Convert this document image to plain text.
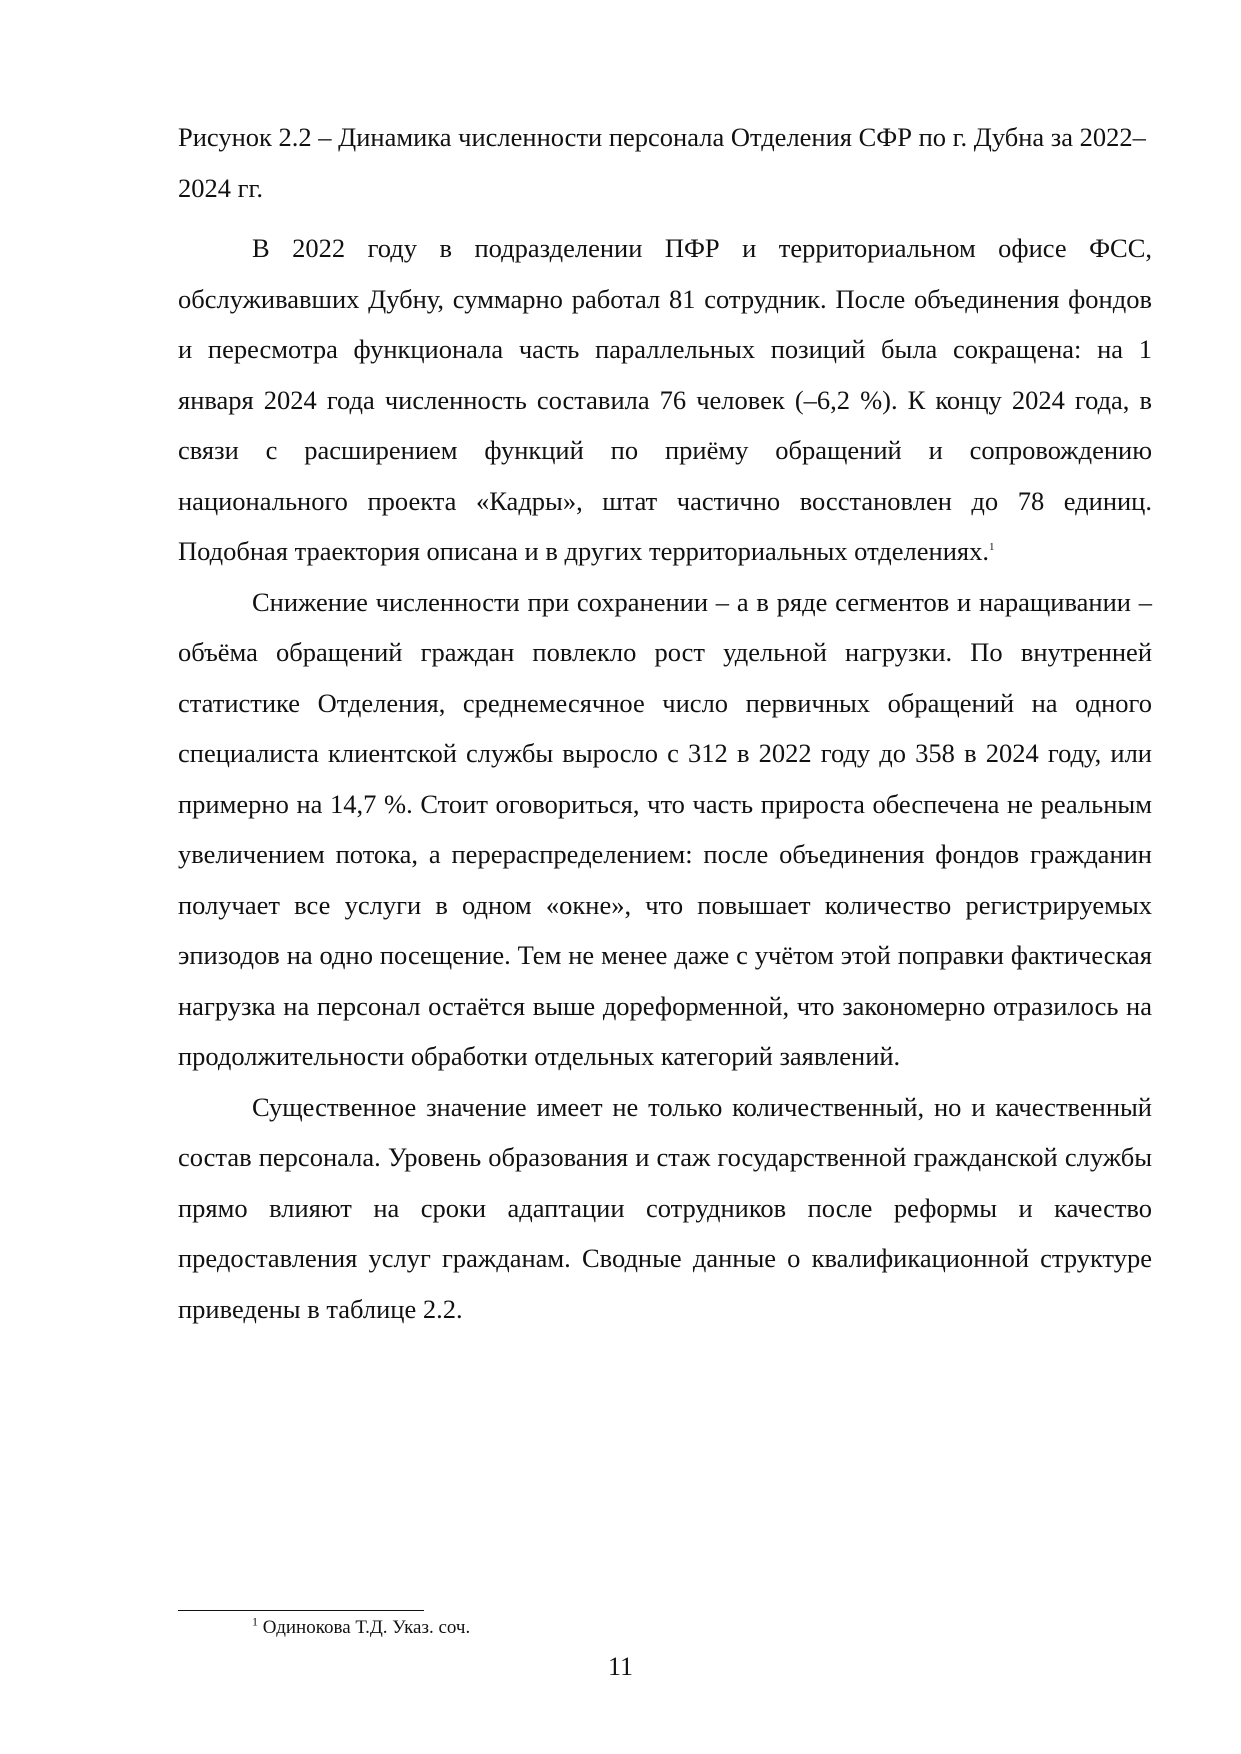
Рисунок 2.2 – Динамика численности персонала Отделения СФР по г. Дубна за 2022–2024 гг.

В 2022 году в подразделении ПФР и территориальном офисе ФСС, обслуживавших Дубну, суммарно работал 81 сотрудник. После объединения фондов и пересмотра функционала часть параллельных позиций была сокращена: на 1 января 2024 года численность составила 76 человек (–6,2 %). К концу 2024 года, в связи с расширением функций по приёму обращений и сопровождению национального проекта «Кадры», штат частично восстановлен до 78 единиц. Подобная траектория описана и в других территориальных отделениях.$^1$

Снижение численности при сохранении – а в ряде сегментов и наращивании – объёма обращений граждан повлекло рост удельной нагрузки. По внутренней статистике Отделения, среднемесячное число первичных обращений на одного специалиста клиентской службы выросло с 312 в 2022 году до 358 в 2024 году, или примерно на 14,7 %. Стоит оговориться, что часть прироста обеспечена не реальным увеличением потока, а перераспределением: после объединения фондов гражданин получает все услуги в одном «окне», что повышает количество регистрируемых эпизодов на одно посещение. Тем не менее даже с учётом этой поправки фактическая нагрузка на персонал остаётся выше дореформенной, что закономерно отразилось на продолжительности обработки отдельных категорий заявлений.

Существенное значение имеет не только количественный, но и качественный состав персонала. Уровень образования и стаж государственной гражданской службы прямо влияют на сроки адаптации сотрудников после реформы и качество предоставления услуг гражданам. Сводные данные о квалификационной структуре приведены в таблице 2.2.

$^1$ Одинокова Т.Д. Указ. соч.
11
